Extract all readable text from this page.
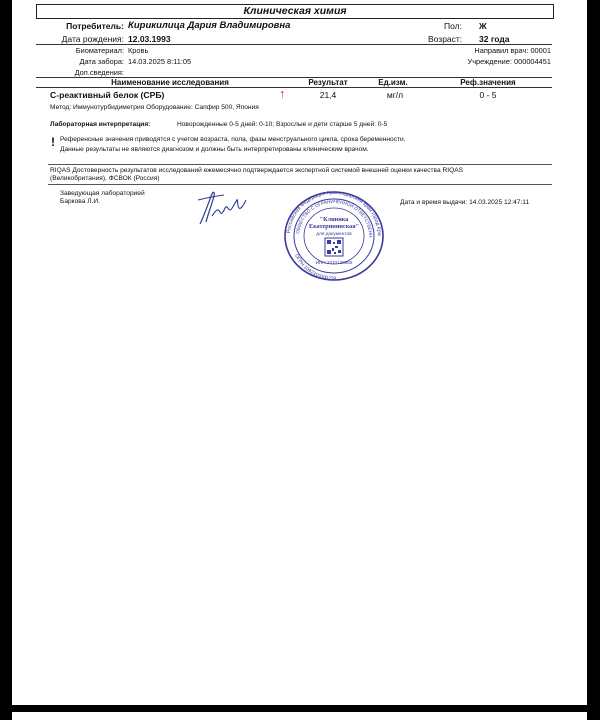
Клиническая химия
Потребитель: Кирикилица Дария Владимировна	Пол: Ж
Дата рождения: 12.03.1993	Возраст: 32 года
Биоматериал: Кровь	Направил врач: 00001
Дата забора: 14.03.2025 8:11:05	Учреждение: 000004451
Доп.сведения:
Наименование исследования	Результат	Ед.изм.	Реф.значения
С-реактивный белок (СРБ)	↑	21,4	мг/л	0 - 5
Метод: Иммунотурбидиметрия Оборудование: Сапфир 500, Япония
Лабораторная интерпретация:	Новорожденные 0-5 дней: 0-10; Взрослые и дети старше 5 дней: 0-5
! Референсные значения приводятся с учетом возраста, пола, фазы менструального цикла, срока беременности.
Данные результаты не являются диагнозом и должны быть интерпретированы клиническим врачом.
RIQAS Достоверность результатов исследований ежемесячно подтверждается экспертной системой внешней оценки качества RIQAS
(Великобритания), ФСВОК (Россия)
Заведующая лабораторией
Баркова Л.И.	Дата и время выдачи: 14.03.2025 12:47:11
Российская Федерация Краснодарский край город Кра
ОБЩЕСТВО С ОГРАНИЧЕННОЙ ОТВЕТСТВЕНН
ОГРН 1092310000238
ИНН 2310138859
"Клиника
Екатерининская"
для документов
